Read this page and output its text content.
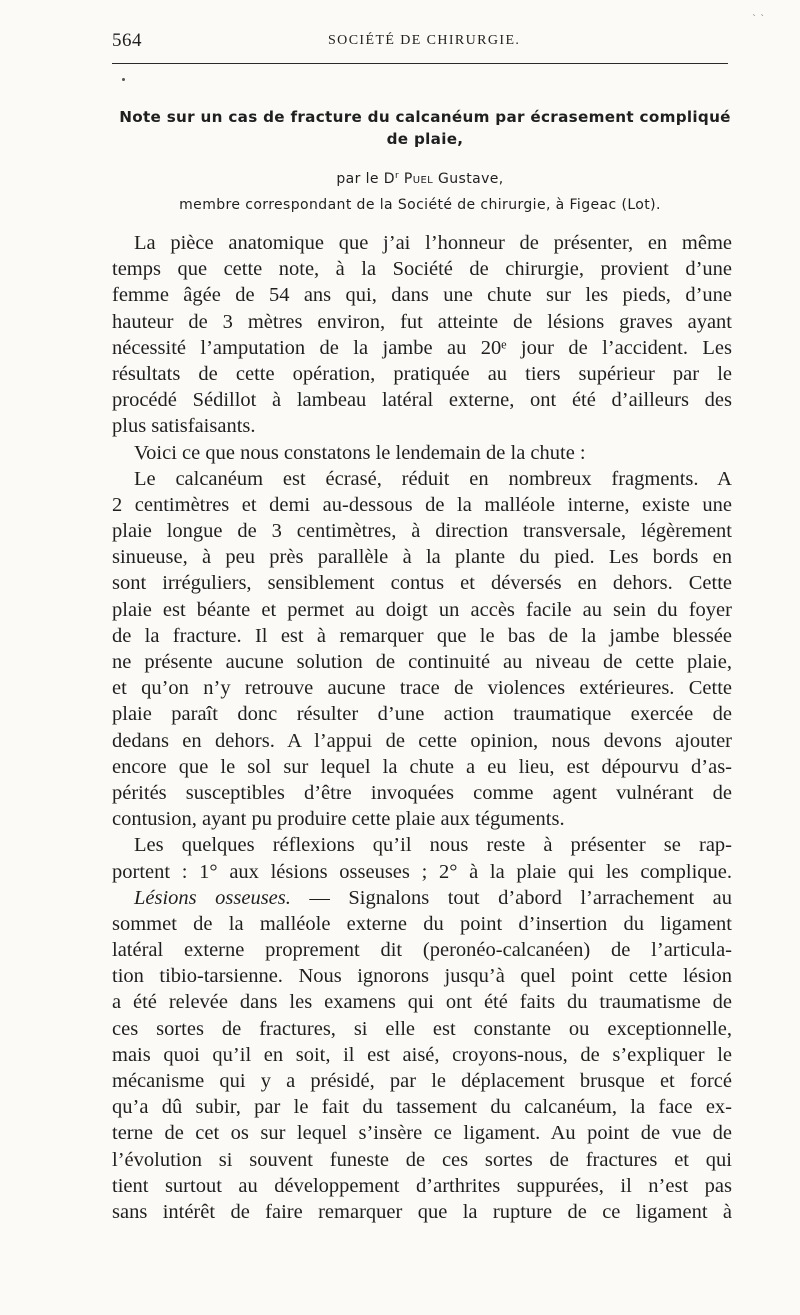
` `
564	SOCIÉTÉ DE CHIRURGIE.
Note sur un cas de fracture du calcanéum par écrasement compliqué
de plaie,
par le $D^r$ Puel Gustave,
membre correspondant de la Société de chirurgie, à Figeac (Lot).
La pièce anatomique que j’ai l’honneur de présenter, en même
temps que cette note, à la Société de chirurgie, provient d’une
femme âgée de 54 ans qui, dans une chute sur les pieds, d’une
hauteur de 3 mètres environ, fut atteinte de lésions graves ayant
nécessité l’amputation de la jambe au 20ᵉ jour de l’accident. Les
résultats de cette opération, pratiquée au tiers supérieur par le
procédé Sédillot à lambeau latéral externe, ont été d’ailleurs des
plus satisfaisants.
Voici ce que nous constatons le lendemain de la chute :
Le calcanéum est écrasé, réduit en nombreux fragments. A
2 centimètres et demi au-dessous de la malléole interne, existe une
plaie longue de 3 centimètres, à direction transversale, légèrement
sinueuse, à peu près parallèle à la plante du pied. Les bords en
sont irréguliers, sensiblement contus et déversés en dehors. Cette
plaie est béante et permet au doigt un accès facile au sein du foyer
de la fracture. Il est à remarquer que le bas de la jambe blessée
ne présente aucune solution de continuité au niveau de cette plaie,
et qu’on n’y retrouve aucune trace de violences extérieures. Cette
plaie paraît donc résulter d’une action traumatique exercée de
dedans en dehors. A l’appui de cette opinion, nous devons ajouter
encore que le sol sur lequel la chute a eu lieu, est dépourvu d’as-
pérités susceptibles d’être invoquées comme agent vulnérant de
contusion, ayant pu produire cette plaie aux téguments.
Les quelques réflexions qu’il nous reste à présenter se rap-
portent : 1° aux lésions osseuses ; 2° à la plaie qui les complique.
Lésions osseuses. — Signalons tout d’abord l’arrachement au
sommet de la malléole externe du point d’insertion du ligament
latéral externe proprement dit (peronéo-calcanéen) de l’articula-
tion tibio-tarsienne. Nous ignorons jusqu’à quel point cette lésion
a été relevée dans les examens qui ont été faits du traumatisme de
ces sortes de fractures, si elle est constante ou exceptionnelle,
mais quoi qu’il en soit, il est aisé, croyons-nous, de s’expliquer le
mécanisme qui y a présidé, par le déplacement brusque et forcé
qu’a dû subir, par le fait du tassement du calcanéum, la face ex-
terne de cet os sur lequel s’insère ce ligament. Au point de vue de
l’évolution si souvent funeste de ces sortes de fractures et qui
tient surtout au développement d’arthrites suppurées, il n’est pas
sans intérêt de faire remarquer que la rupture de ce ligament à
